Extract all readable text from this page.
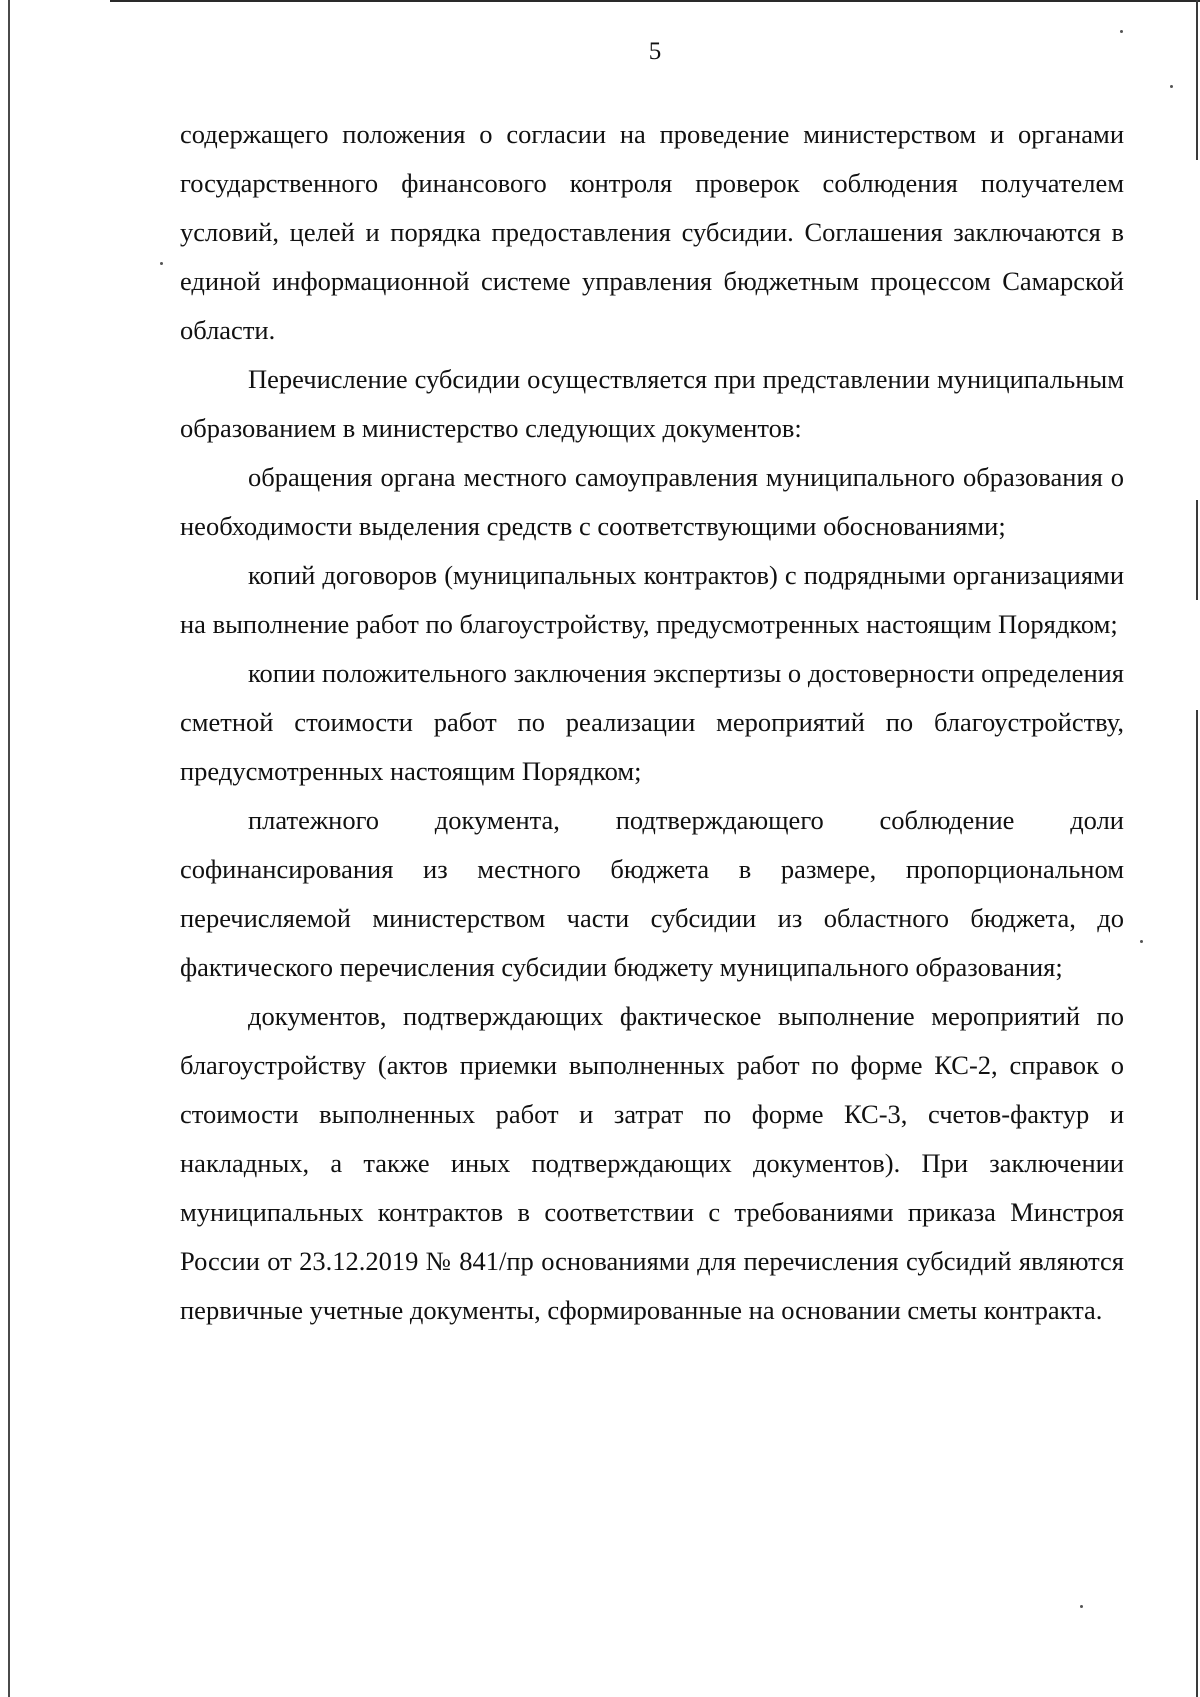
5

содержащего положения о согласии на проведение министерством и органами государственного финансового контроля проверок соблюдения получателем условий, целей и порядка предоставления субсидии. Соглашения заключаются в единой информационной системе управления бюджетным процессом Самарской области.

Перечисление субсидии осуществляется при представлении муниципальным образованием в министерство следующих документов:

обращения органа местного самоуправления муниципального образования о необходимости выделения средств с соответствующими обоснованиями;

копий договоров (муниципальных контрактов) с подрядными организациями на выполнение работ по благоустройству, предусмотренных настоящим Порядком;

копии положительного заключения экспертизы о достоверности определения сметной стоимости работ по реализации мероприятий по благоустройству, предусмотренных настоящим Порядком;

платежного документа, подтверждающего соблюдение доли софинансирования из местного бюджета в размере, пропорциональном перечисляемой министерством части субсидии из областного бюджета, до фактического перечисления субсидии бюджету муниципального образования;

документов, подтверждающих фактическое выполнение мероприятий по благоустройству (актов приемки выполненных работ по форме КС-2, справок о стоимости выполненных работ и затрат по форме КС-3, счетов-фактур и накладных, а также иных подтверждающих документов). При заключении муниципальных контрактов в соответствии с требованиями приказа Минстроя России от 23.12.2019 № 841/пр основаниями для перечисления субсидий являются первичные учетные документы, сформированные на основании сметы контракта.
